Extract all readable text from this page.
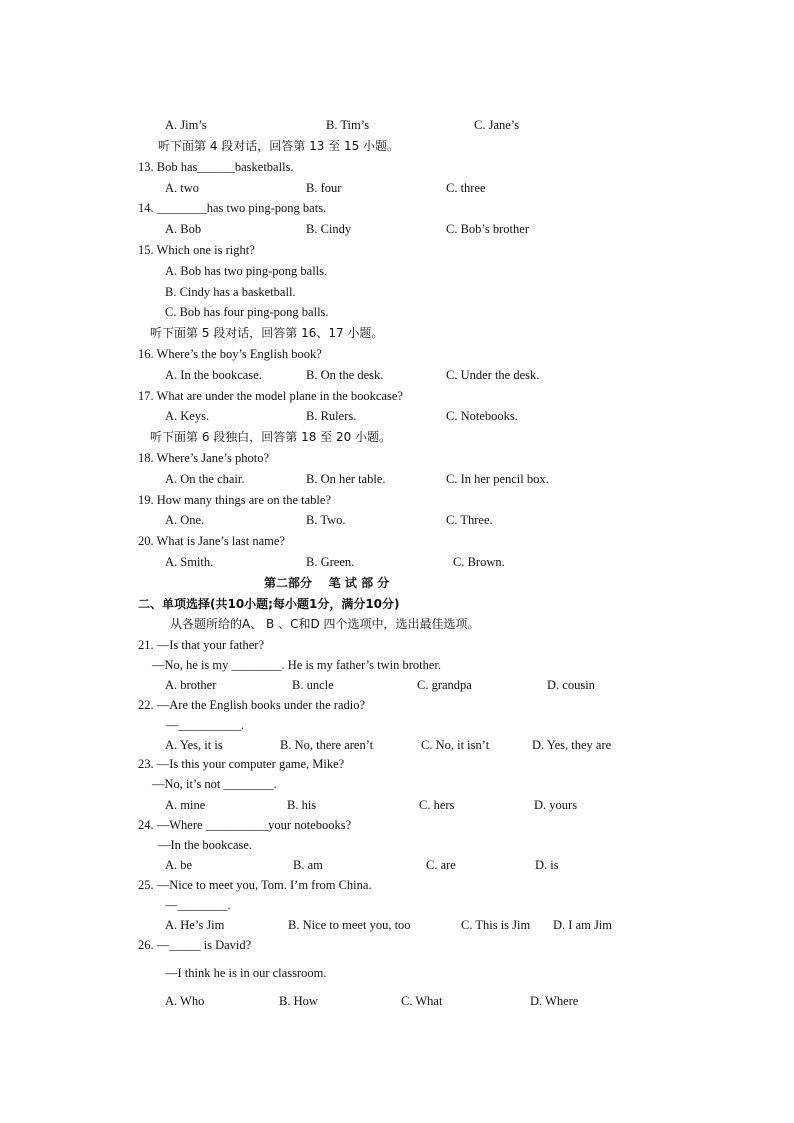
A. Jim’s	B. Tim’s	C. Jane’s
听下面第 4 段对话，回答第 13 至 15 小题。
13. Bob has______basketballs.
A. two	B. four	C. three
14. ________has two ping-pong bats.
A. Bob	B. Cindy	C. Bob’s brother
15. Which one is right?
A. Bob has two ping-pong balls.
B. Cindy has a basketball.
C. Bob has four ping-pong balls.
听下面第 5 段对话，回答第 16、17 小题。
16. Where’s the boy’s English book?
A. In the bookcase.	B. On the desk.	C. Under the desk.
17. What are under the model plane in the bookcase?
A. Keys.	B. Rulers.	C. Notebooks.
听下面第 6 段独白，回答第 18 至 20 小题。
18. Where’s Jane’s photo?
A. On the chair.	B. On her table.	C. In her pencil box.
19. How many things are on the table?
A. One.	B. Two.	C. Three.
20. What is Jane’s last name?
A. Smith.	B. Green.	C. Brown.
第二部分    笔 试 部 分
二、单项选择(共10小题;每小题1分，满分10分)
从各题所给的A、 B 、C和D 四个选项中，选出最佳选项。
21. —Is that your father?
—No, he is my ________. He is my father’s twin brother.
A. brother	B. uncle	C. grandpa	D. cousin
22. —Are the English books under the radio?
—__________.
A. Yes, it is	B. No, there aren’t	C. No, it isn’t	D. Yes, they are
23. —Is this your computer game, Mike?
—No, it’s not ________.
A. mine	B. his	C. hers	D. yours
24. —Where __________your notebooks?
—In the bookcase.
A. be	B. am	C. are	D. is
25. —Nice to meet you, Tom. I’m from China.
—________.
A. He’s Jim	B. Nice to meet you, too	C. This is Jim D. I am Jim
26. —_____ is David?
—I think he is in our classroom.
A. Who	B. How	C. What	D. Where
